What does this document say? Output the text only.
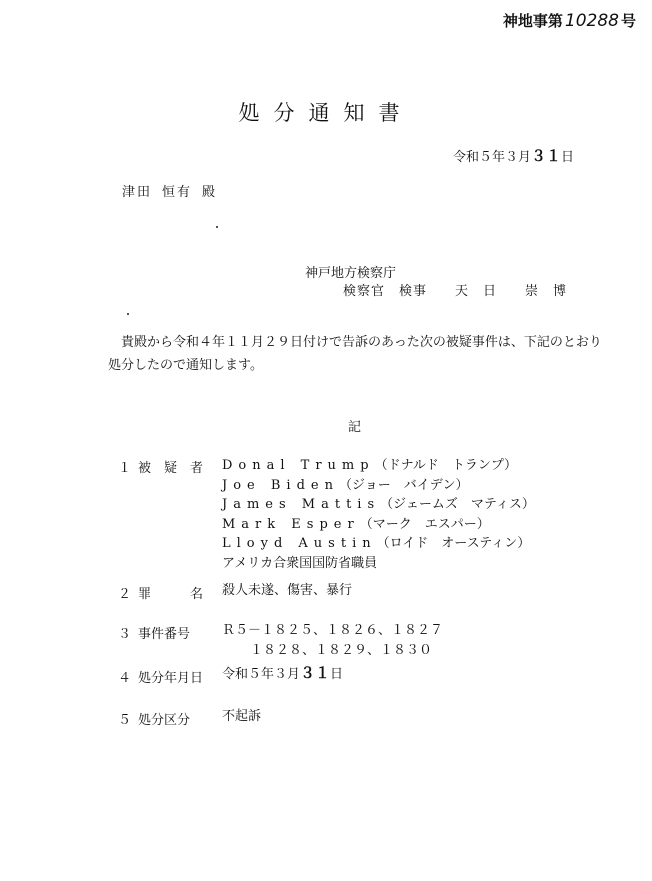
神地事第 10288 号
処分通知書
令和５年３月３１日
津田 恒有 殿
神戸地方検察庁
検察官　検事　　天　日　　崇　博

貴殿から令和４年１１月２９日付けで告訴のあった次の被疑事件は、下記のとおり処分したので通知します。

記
１ 被　疑　者 Donal Trump（ドナルド　トランプ）
Joe Biden（ジョー　バイデン）
James Mattis（ジェームズ　マティス）
Mark Esper（マーク　エスパー）
Lloyd Austin（ロイド　オースティン）
アメリカ合衆国国防省職員
２ 罪　　　名 殺人未遂、傷害、暴行
３ 事件番号 Ｒ５－１８２５、１８２６、１８２７
１８２８、１８２９、１８３０
４ 処分年月日 令和５年３月３１日
５ 処分区分 不起訴
